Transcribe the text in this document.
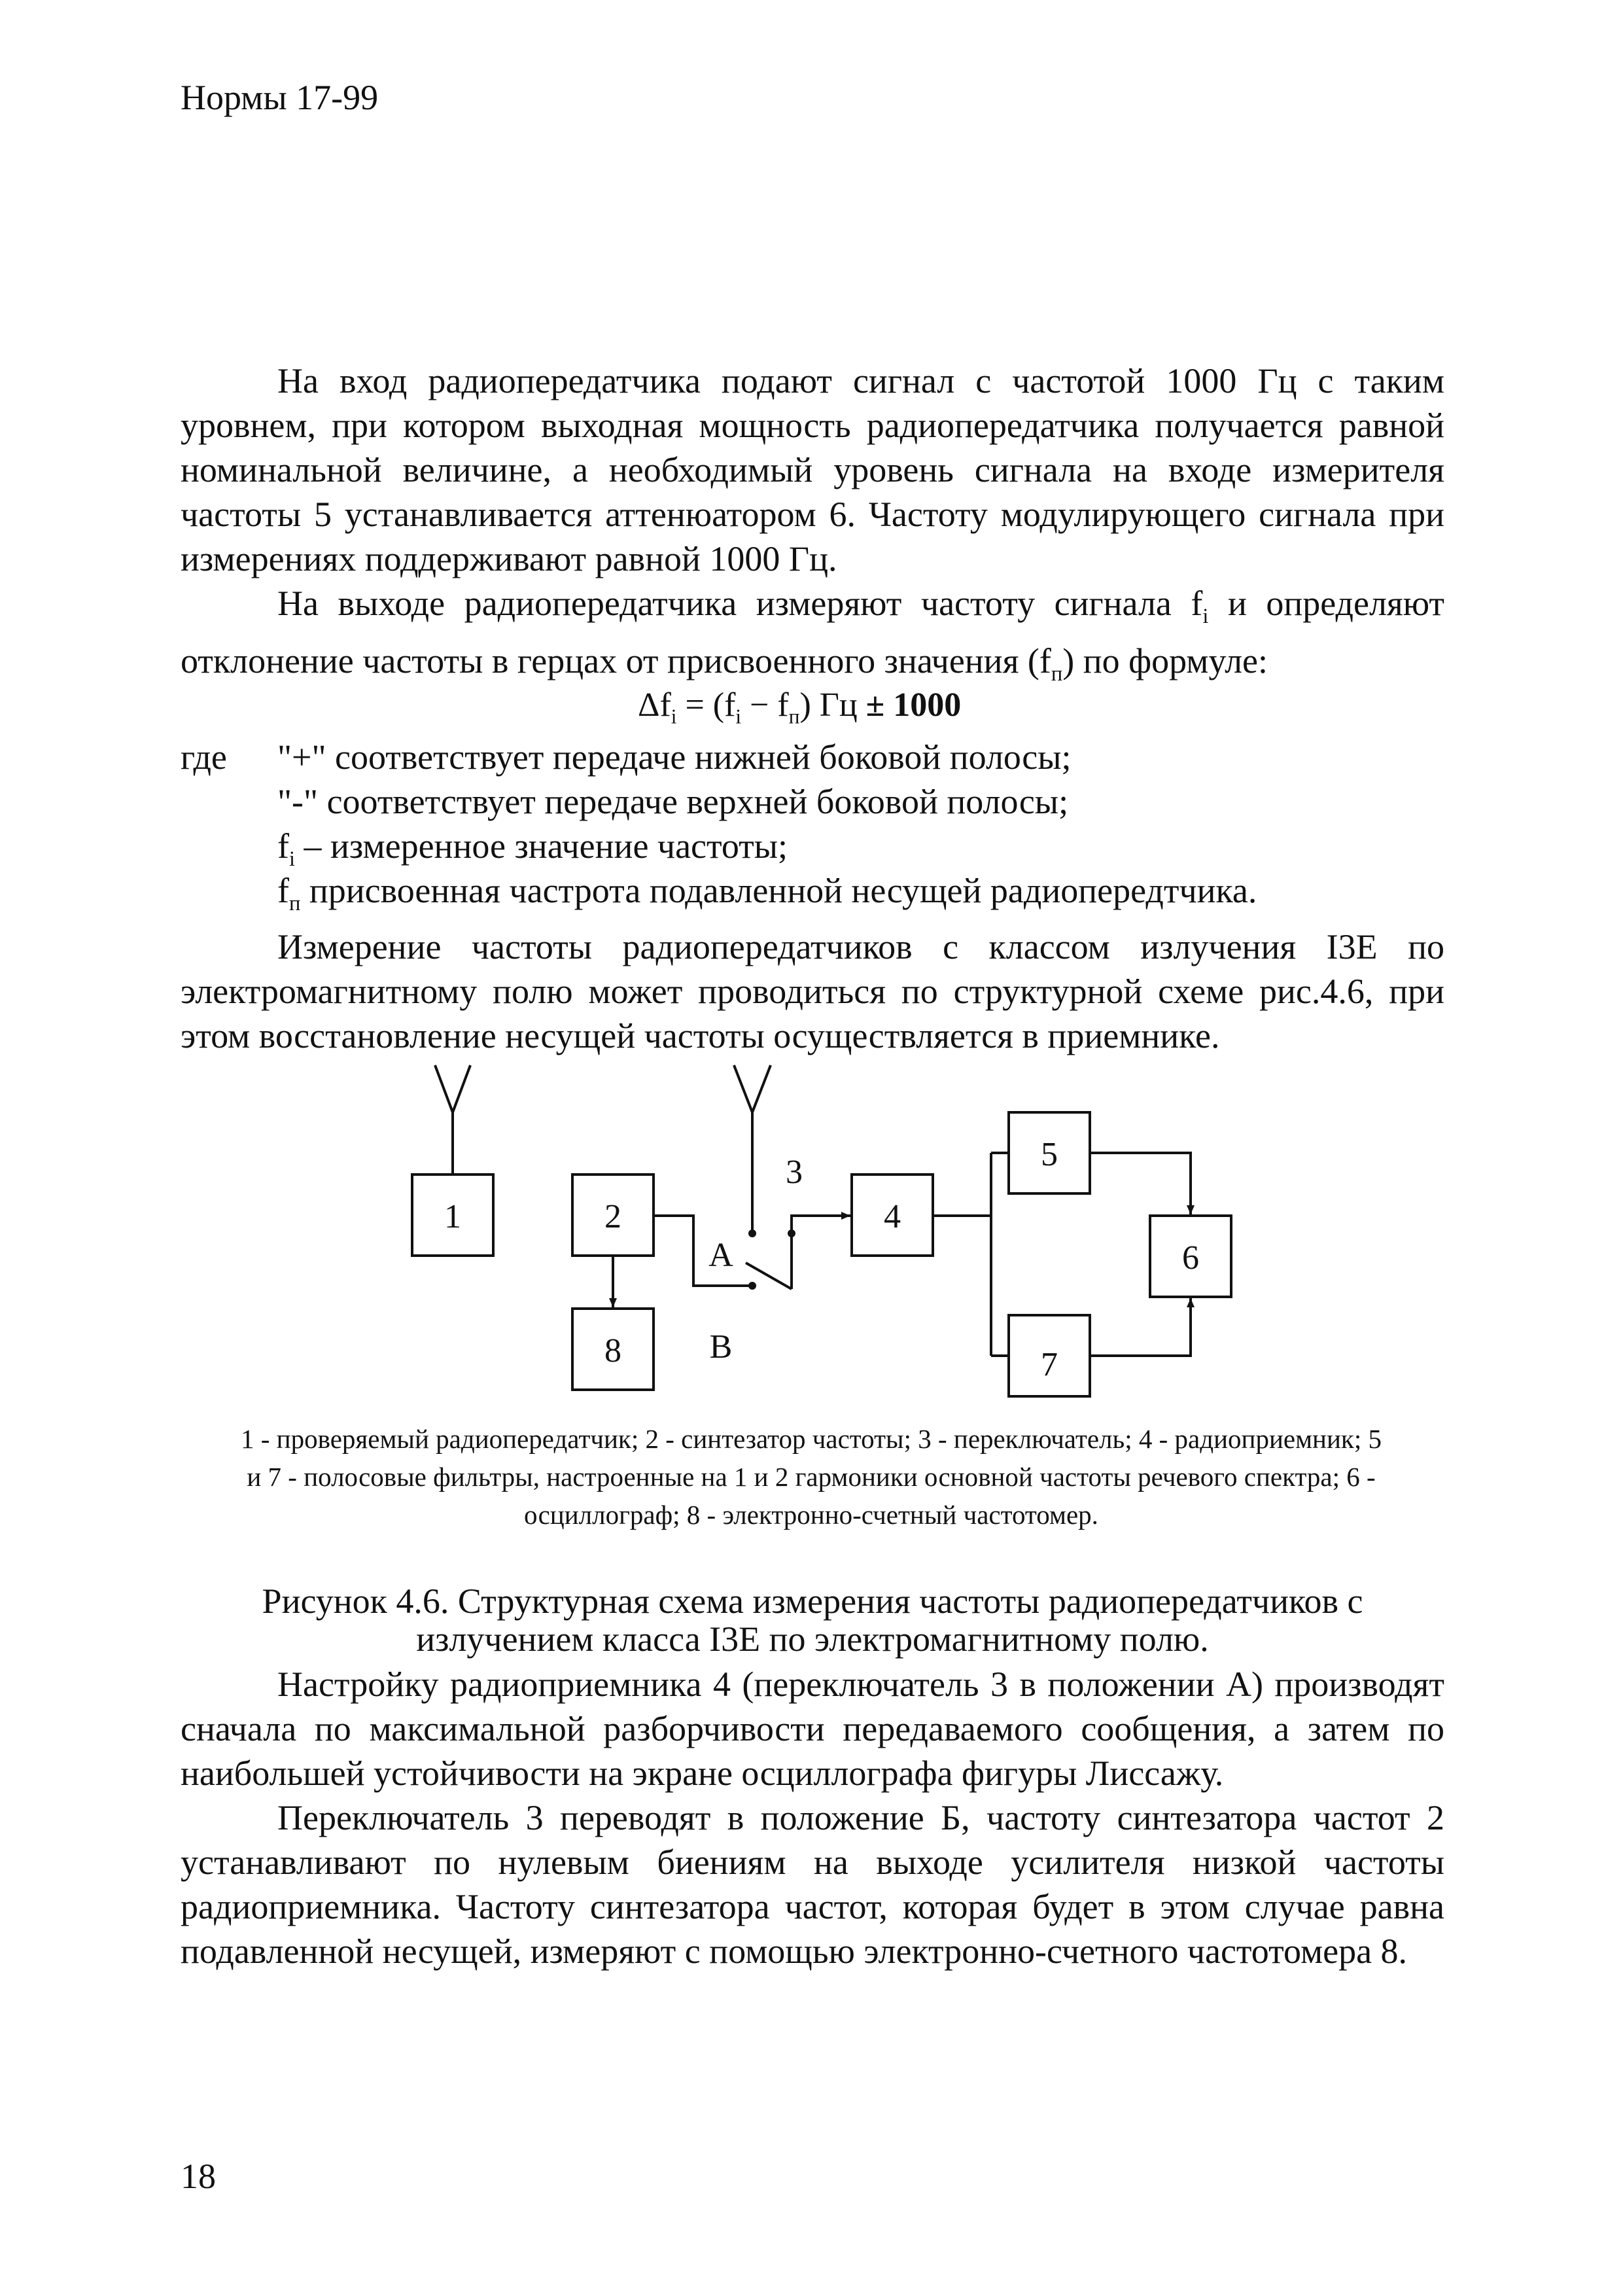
Нормы 17-99

На вход радиопередатчика подают сигнал с частотой 1000 Гц с таким уровнем, при котором выходная мощность радиопередатчика получается равной номинальной величине, а необходимый уровень сигнала на входе измерителя частоты 5 устанавливается аттенюатором 6. Частоту модулирующего сигнала при измерениях поддерживают равной 1000 Гц.

На выходе радиопередатчика измеряют частоту сигнала $f_i$ и определяют отклонение частоты в герцах от присвоенного значения $(f_п)$ по формуле:

$\Delta f_i = (f_i - f_п)$ Гц ± 1000
где "+" соответствует передаче нижней боковой полосы;
"-" соответствует передаче верхней боковой полосы;
$f_i$ – измеренное значение частоты;
$f_п$ присвоенная частрота подавленной несущей радиопередтчика.

Измерение частоты радиопередатчиков с классом излучения I3E по электромагнитному полю может проводиться по структурной схеме рис.4.6, при этом восстановление несущей частоты осуществляется в приемнике.

1	2
3
4
5
6
7
8
А
В
1 - проверяемый радиопередатчик; 2 - синтезатор частоты; 3 - переключатель; 4 - радиоприемник; 5 и 7 - полосовые фильтры, настроенные на 1 и 2 гармоники основной частоты речевого спектра; 6 - осциллограф; 8 - электронно-счетный частотомер.
Рисунок 4.6. Структурная схема измерения частоты радиопередатчиков с излучением класса I3E по электромагнитному полю.

Настройку радиоприемника 4 (переключатель 3 в положении А) производят сначала по максимальной разборчивости передаваемого сообщения, а затем по наибольшей устойчивости на экране осциллографа фигуры Лиссажу.

Переключатель 3 переводят в положение Б, частоту синтезатора частот 2 устанавливают по нулевым биениям на выходе усилителя низкой частоты радиоприемника. Частоту синтезатора частот, которая будет в этом случае равна подавленной несущей, измеряют с помощью электронно-счетного частотомера 8.

18
